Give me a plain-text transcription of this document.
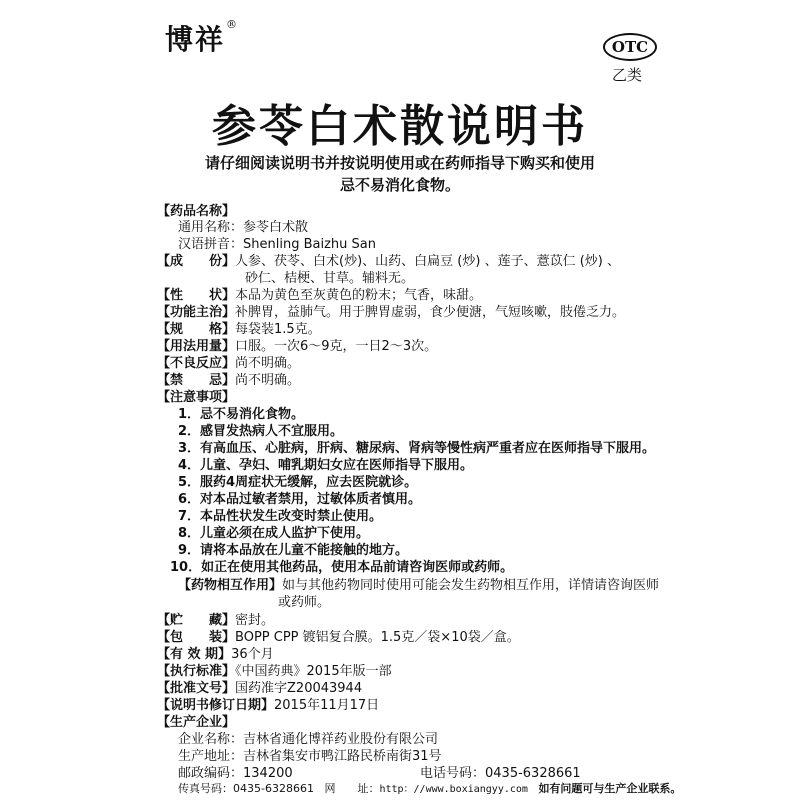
博祥®
OTC
乙类
参苓白术散说明书
请仔细阅读说明书并按说明使用或在药师指导下购买和使用
忌不易消化食物。
【药品名称】
通用名称：参苓白术散
汉语拼音：Shenling Baizhu San
【成　　份】人参、茯苓、白术(炒)、山药、白扁豆 (炒) 、莲子、薏苡仁 (炒) 、
砂仁、桔梗、甘草。辅料无。
【性　　状】本品为黄色至灰黄色的粉末；气香，味甜。
【功能主治】补脾胃，益肺气。用于脾胃虚弱，食少便溏，气短咳嗽，肢倦乏力。
【规　　格】每袋装1.5克。
【用法用量】口服。一次6～9克，一日2～3次。
【不良反应】尚不明确。
【禁　　忌】尚不明确。
【注意事项】
1．忌不易消化食物。
2．感冒发热病人不宜服用。
3．有高血压、心脏病，肝病、糖尿病、肾病等慢性病严重者应在医师指导下服用。
4．儿童、孕妇、哺乳期妇女应在医师指导下服用。
5．服药4周症状无缓解，应去医院就诊。
6．对本品过敏者禁用，过敏体质者慎用。
7．本品性状发生改变时禁止使用。
8．儿童必须在成人监护下使用。
9．请将本品放在儿童不能接触的地方。
10．如正在使用其他药品，使用本品前请咨询医师或药师。
【药物相互作用】如与其他药物同时使用可能会发生药物相互作用，详情请咨询医师
或药师。
【贮　　藏】密封。
【包　　装】BOPP CPP 镀铝复合膜。1.5克／袋×10袋／盒。
【有 效 期】36个月
【执行标准】《中国药典》2015年版一部
【批准文号】国药准字Z20043944
【说明书修订日期】2015年11月17日
【生产企业】
企业名称：吉林省通化博祥药业股份有限公司
生产地址：吉林省集安市鸭江路民桥南街31号
邮政编码：134200	电话号码：0435-6328661
传真号码：0435-6328661 网　　址：http：//www.boxiangyy.com 如有问题可与生产企业联系。
